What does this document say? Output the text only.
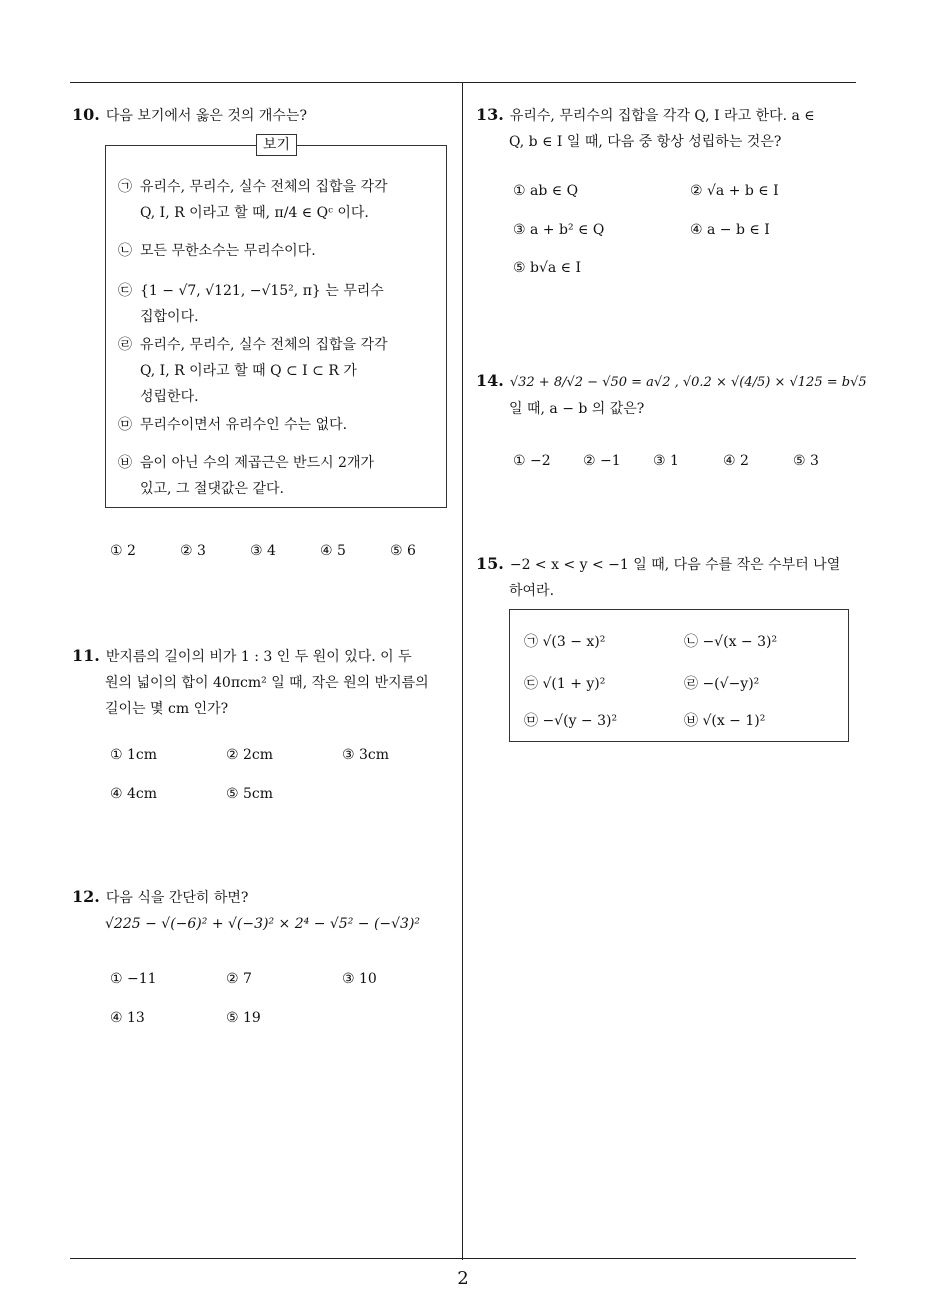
2
10. 다음 보기에서 옳은 것의 개수는?
보기
㉠ 유리수, 무리수, 실수 전체의 집합을 각각
Q, I, R 이라고 할 때, π/4 ∈ Qᶜ 이다.
㉡ 모든 무한소수는 무리수이다.
㉢ {1 − √7, √121, −√15², π} 는 무리수
집합이다.
㉣ 유리수, 무리수, 실수 전체의 집합을 각각
Q, I, R 이라고 할 때 Q ⊂ I ⊂ R 가
성립한다.
㉤ 무리수이면서 유리수인 수는 없다.
㉥ 음이 아닌 수의 제곱근은 반드시 2개가
있고, 그 절댓값은 같다.
① 2	② 3	③ 4	④ 5	⑤ 6
11. 반지름의 길이의 비가 1 : 3 인 두 원이 있다. 이 두
원의 넓이의 합이 40πcm² 일 때, 작은 원의 반지름의
길이는 몇 cm 인가?
① 1cm	② 2cm	③ 3cm
④ 4cm	⑤ 5cm
12. 다음 식을 간단히 하면?
√225 − √(−6)² + √(−3)² × 2⁴ − √5² − (−√3)²
① −11	② 7	③ 10
④ 13	⑤ 19
13. 유리수, 무리수의 집합을 각각 Q, I 라고 한다. a ∈
Q, b ∈ I 일 때, 다음 중 항상 성립하는 것은?
① ab ∈ Q	② √a + b ∈ I
③ a + b² ∈ Q	④ a − b ∈ I
⑤ b√a ∈ I
14. √32 + 8/√2 − √50 = a√2 , √0.2 × √(4/5) × √125 = b√5
일 때, a − b 의 값은?
① −2 ② −1 ③ 1	④ 2	⑤ 3
15. −2 < x < y < −1 일 때, 다음 수를 작은 수부터 나열
하여라.
㉠ √(3 − x)²	㉡ −√(x − 3)²
㉢ √(1 + y)²	㉣ −(√−y)²
㉤ −√(y − 3)²	㉥ √(x − 1)²
